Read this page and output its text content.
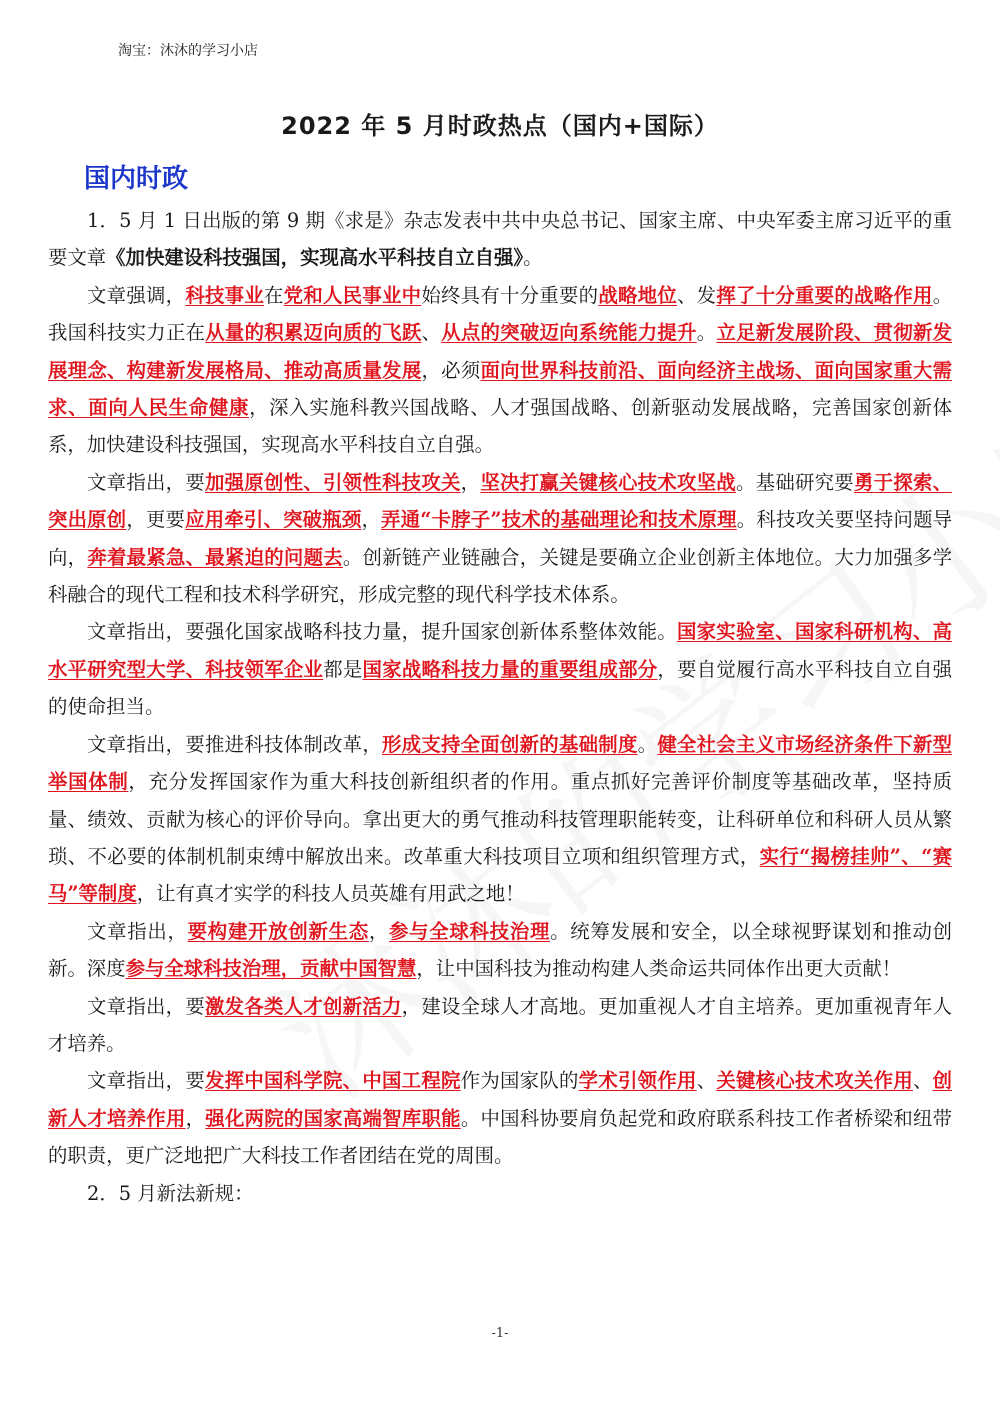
淘宝：沐沐的学习小店
2022 年 5 月时政热点（国内+国际）
国内时政

1．5 月 1 日出版的第 9 期《求是》杂志发表中共中央总书记、国家主席、中央军委主席习近平的重要文章《加快建设科技强国，实现高水平科技自立自强》。

文章强调，科技事业在党和人民事业中始终具有十分重要的战略地位、发挥了十分重要的战略作用。我国科技实力正在从量的积累迈向质的飞跃、从点的突破迈向系统能力提升。立足新发展阶段、贯彻新发展理念、构建新发展格局、推动高质量发展，必须面向世界科技前沿、面向经济主战场、面向国家重大需求、面向人民生命健康，深入实施科教兴国战略、人才强国战略、创新驱动发展战略，完善国家创新体系，加快建设科技强国，实现高水平科技自立自强。

文章指出，要加强原创性、引领性科技攻关，坚决打赢关键核心技术攻坚战。基础研究要勇于探索、突出原创，更要应用牵引、突破瓶颈，弄通“卡脖子”技术的基础理论和技术原理。科技攻关要坚持问题导向，奔着最紧急、最紧迫的问题去。创新链产业链融合，关键是要确立企业创新主体地位。大力加强多学科融合的现代工程和技术科学研究，形成完整的现代科学技术体系。

文章指出，要强化国家战略科技力量，提升国家创新体系整体效能。国家实验室、国家科研机构、高水平研究型大学、科技领军企业都是国家战略科技力量的重要组成部分，要自觉履行高水平科技自立自强的使命担当。

文章指出，要推进科技体制改革，形成支持全面创新的基础制度。健全社会主义市场经济条件下新型举国体制，充分发挥国家作为重大科技创新组织者的作用。重点抓好完善评价制度等基础改革，坚持质量、绩效、贡献为核心的评价导向。拿出更大的勇气推动科技管理职能转变，让科研单位和科研人员从繁琐、不必要的体制机制束缚中解放出来。改革重大科技项目立项和组织管理方式，实行“揭榜挂帅”、“赛马”等制度，让有真才实学的科技人员英雄有用武之地！

文章指出，要构建开放创新生态，参与全球科技治理。统筹发展和安全，以全球视野谋划和推动创新。深度参与全球科技治理，贡献中国智慧，让中国科技为推动构建人类命运共同体作出更大贡献！

文章指出，要激发各类人才创新活力，建设全球人才高地。更加重视人才自主培养。更加重视青年人才培养。

文章指出，要发挥中国科学院、中国工程院作为国家队的学术引领作用、关键核心技术攻关作用、创新人才培养作用，强化两院的国家高端智库职能。中国科协要肩负起党和政府联系科技工作者桥梁和纽带的职责，更广泛地把广大科技工作者团结在党的周围。

2．5 月新法新规：

-1-
